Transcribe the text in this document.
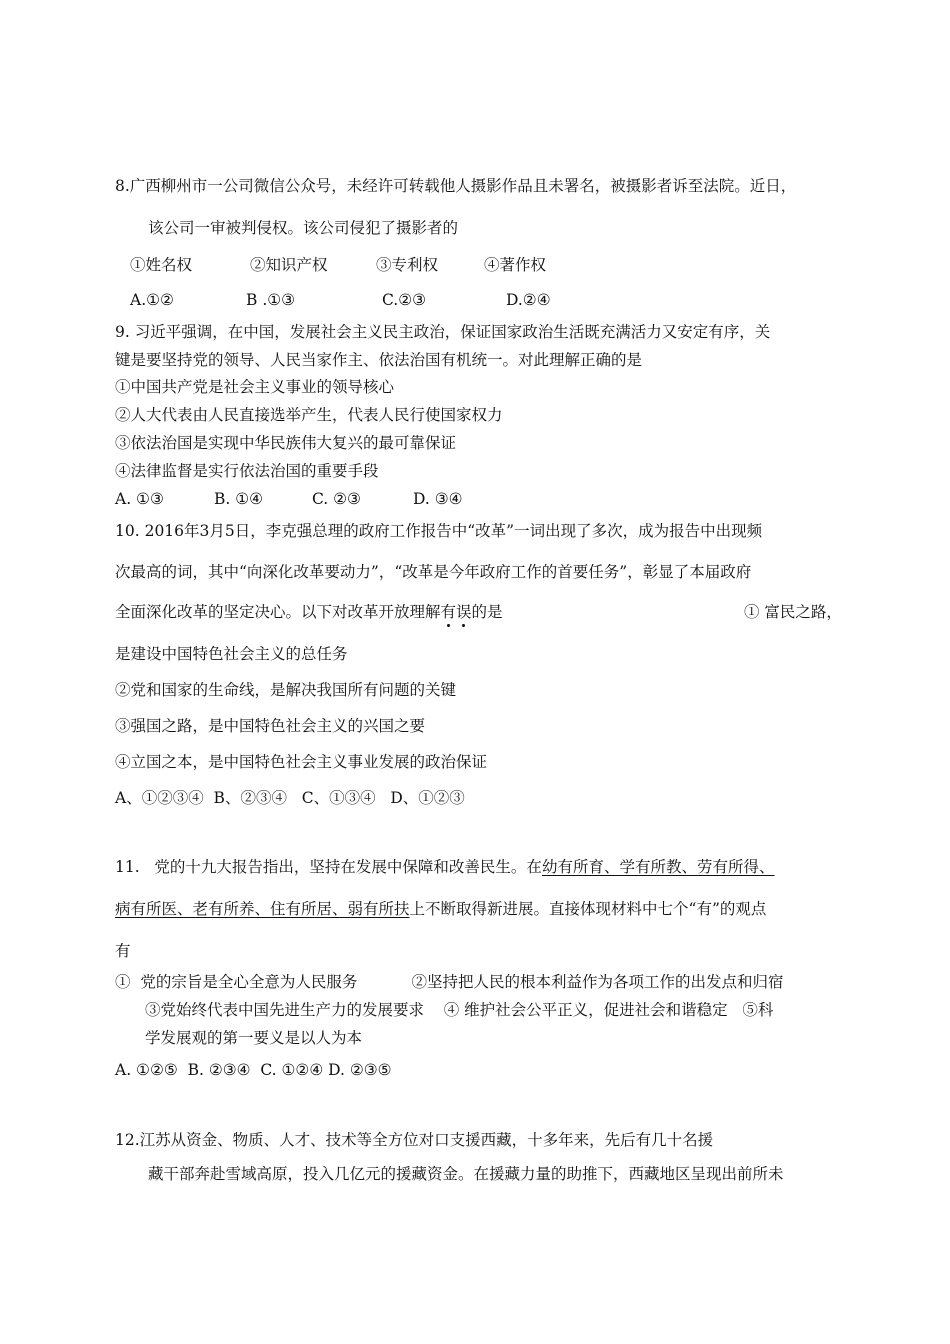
8.广西柳州市一公司微信公众号，未经许可转载他人摄影作品且未署名，被摄影者诉至法院。近日，
该公司一审被判侵权。该公司侵犯了摄影者的
①姓名权	②知识产权	③专利权	④著作权
A.①②	B .①③	C.②③	D.②④
9. 习近平强调，在中国，发展社会主义民主政治，保证国家政治生活既充满活力又安定有序，关
键是要坚持党的领导、人民当家作主、依法治国有机统一。对此理解正确的是
①中国共产党是社会主义事业的领导核心
②人大代表由人民直接选举产生，代表人民行使国家权力
③依法治国是实现中华民族伟大复兴的最可靠保证
④法律监督是实行依法治国的重要手段
A. ①③	B. ①④	C. ②③	D. ③④
10. 2016年3月5日，李克强总理的政府工作报告中“改革”一词出现了多次，成为报告中出现频
次最高的词，其中“向深化改革要动力”，“改革是今年政府工作的首要任务”，彰显了本届政府
全面深化改革的坚定决心。以下对改革开放理解有误的是	① 富民之路，
是建设中国特色社会主义的总任务
②党和国家的生命线，是解决我国所有问题的关键
③强国之路，是中国特色社会主义的兴国之要
④立国之本，是中国特色社会主义事业发展的政治保证
A、①②③④  B、②③④   C、①③④   D、①②③
11.   党的十九大报告指出，坚持在发展中保障和改善民生。在幼有所育、学有所教、劳有所得、
病有所医、老有所养、住有所居、弱有所扶上不断取得新进展。直接体现材料中七个“有”的观点
有
①  党的宗旨是全心全意为人民服务           ②坚持把人民的根本利益作为各项工作的出发点和归宿
③党始终代表中国先进生产力的发展要求    ④ 维护社会公平正义，促进社会和谐稳定   ⑤科
学发展观的第一要义是以人为本
A. ①②⑤  B. ②③④  C. ①②④ D. ②③⑤
12.江苏从资金、物质、人才、技术等全方位对口支援西藏，十多年来，先后有几十名援
藏干部奔赴雪域高原，投入几亿元的援藏资金。在援藏力量的助推下，西藏地区呈现出前所未
